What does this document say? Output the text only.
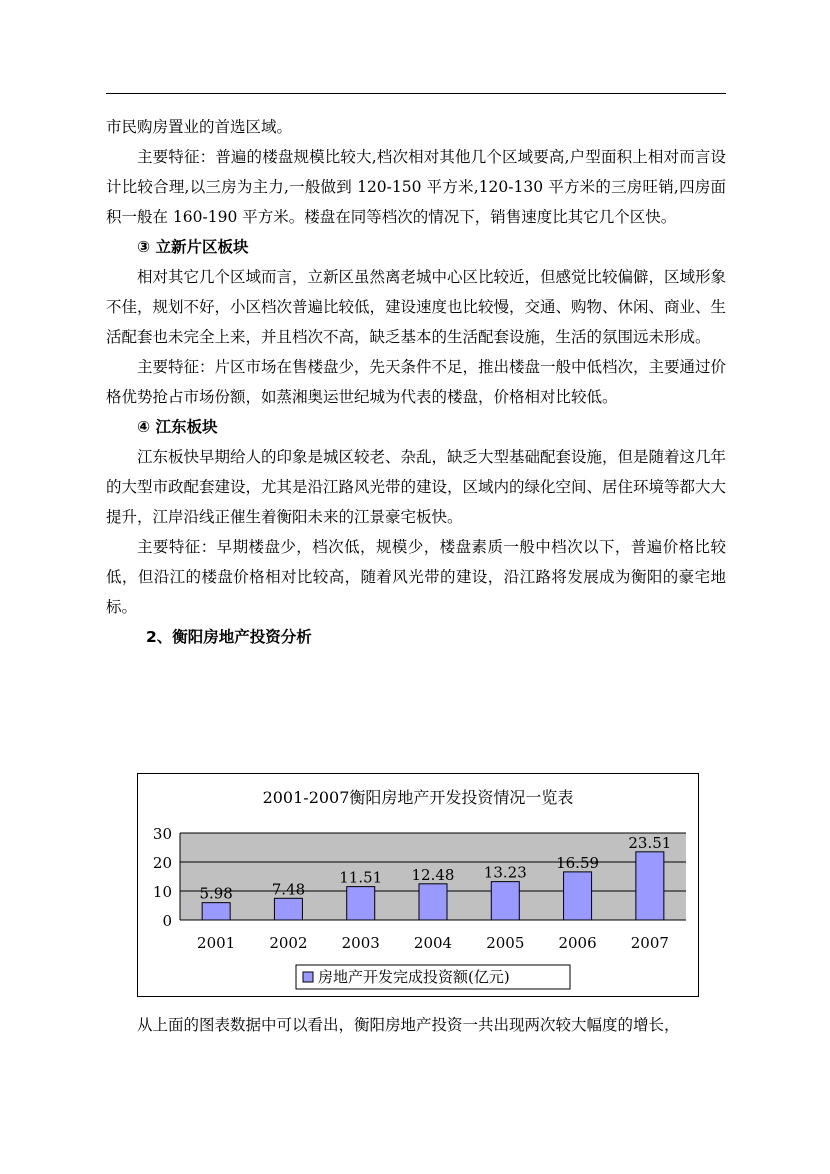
市民购房置业的首选区域。

主要特征：普遍的楼盘规模比较大,档次相对其他几个区域要高,户型面积上相对而言设计比较合理,以三房为主力,一般做到 120-150 平方米,120-130 平方米的三房旺销,四房面积一般在 160-190 平方米。楼盘在同等档次的情况下，销售速度比其它几个区快。

③ 立新片区板块

相对其它几个区域而言，立新区虽然离老城中心区比较近，但感觉比较偏僻，区域形象不佳，规划不好，小区档次普遍比较低，建设速度也比较慢，交通、购物、休闲、商业、生活配套也未完全上来，并且档次不高，缺乏基本的生活配套设施，生活的氛围远未形成。

主要特征：片区市场在售楼盘少，先天条件不足，推出楼盘一般中低档次，主要通过价格优势抢占市场份额，如蒸湘奥运世纪城为代表的楼盘，价格相对比较低。

④ 江东板块

江东板快早期给人的印象是城区较老、杂乱，缺乏大型基础配套设施，但是随着这几年的大型市政配套建设，尤其是沿江路风光带的建设，区域内的绿化空间、居住环境等都大大提升，江岸沿线正催生着衡阳未来的江景豪宅板快。

主要特征：早期楼盘少，档次低，规模少，楼盘素质一般中档次以下，普遍价格比较低，但沿江的楼盘价格相对比较高，随着风光带的建设，沿江路将发展成为衡阳的豪宅地标。

2、衡阳房地产投资分析

2001-2007衡阳房地产开发投资情况一览表
0
10
20
30
5.98
2001
7.48
2002
11.51
2003
12.48
2004
13.23
2005
16.59
2006
23.51
2007
房地产开发完成投资额(亿元)

从上面的图表数据中可以看出，衡阳房地产投资一共出现两次较大幅度的增长，
